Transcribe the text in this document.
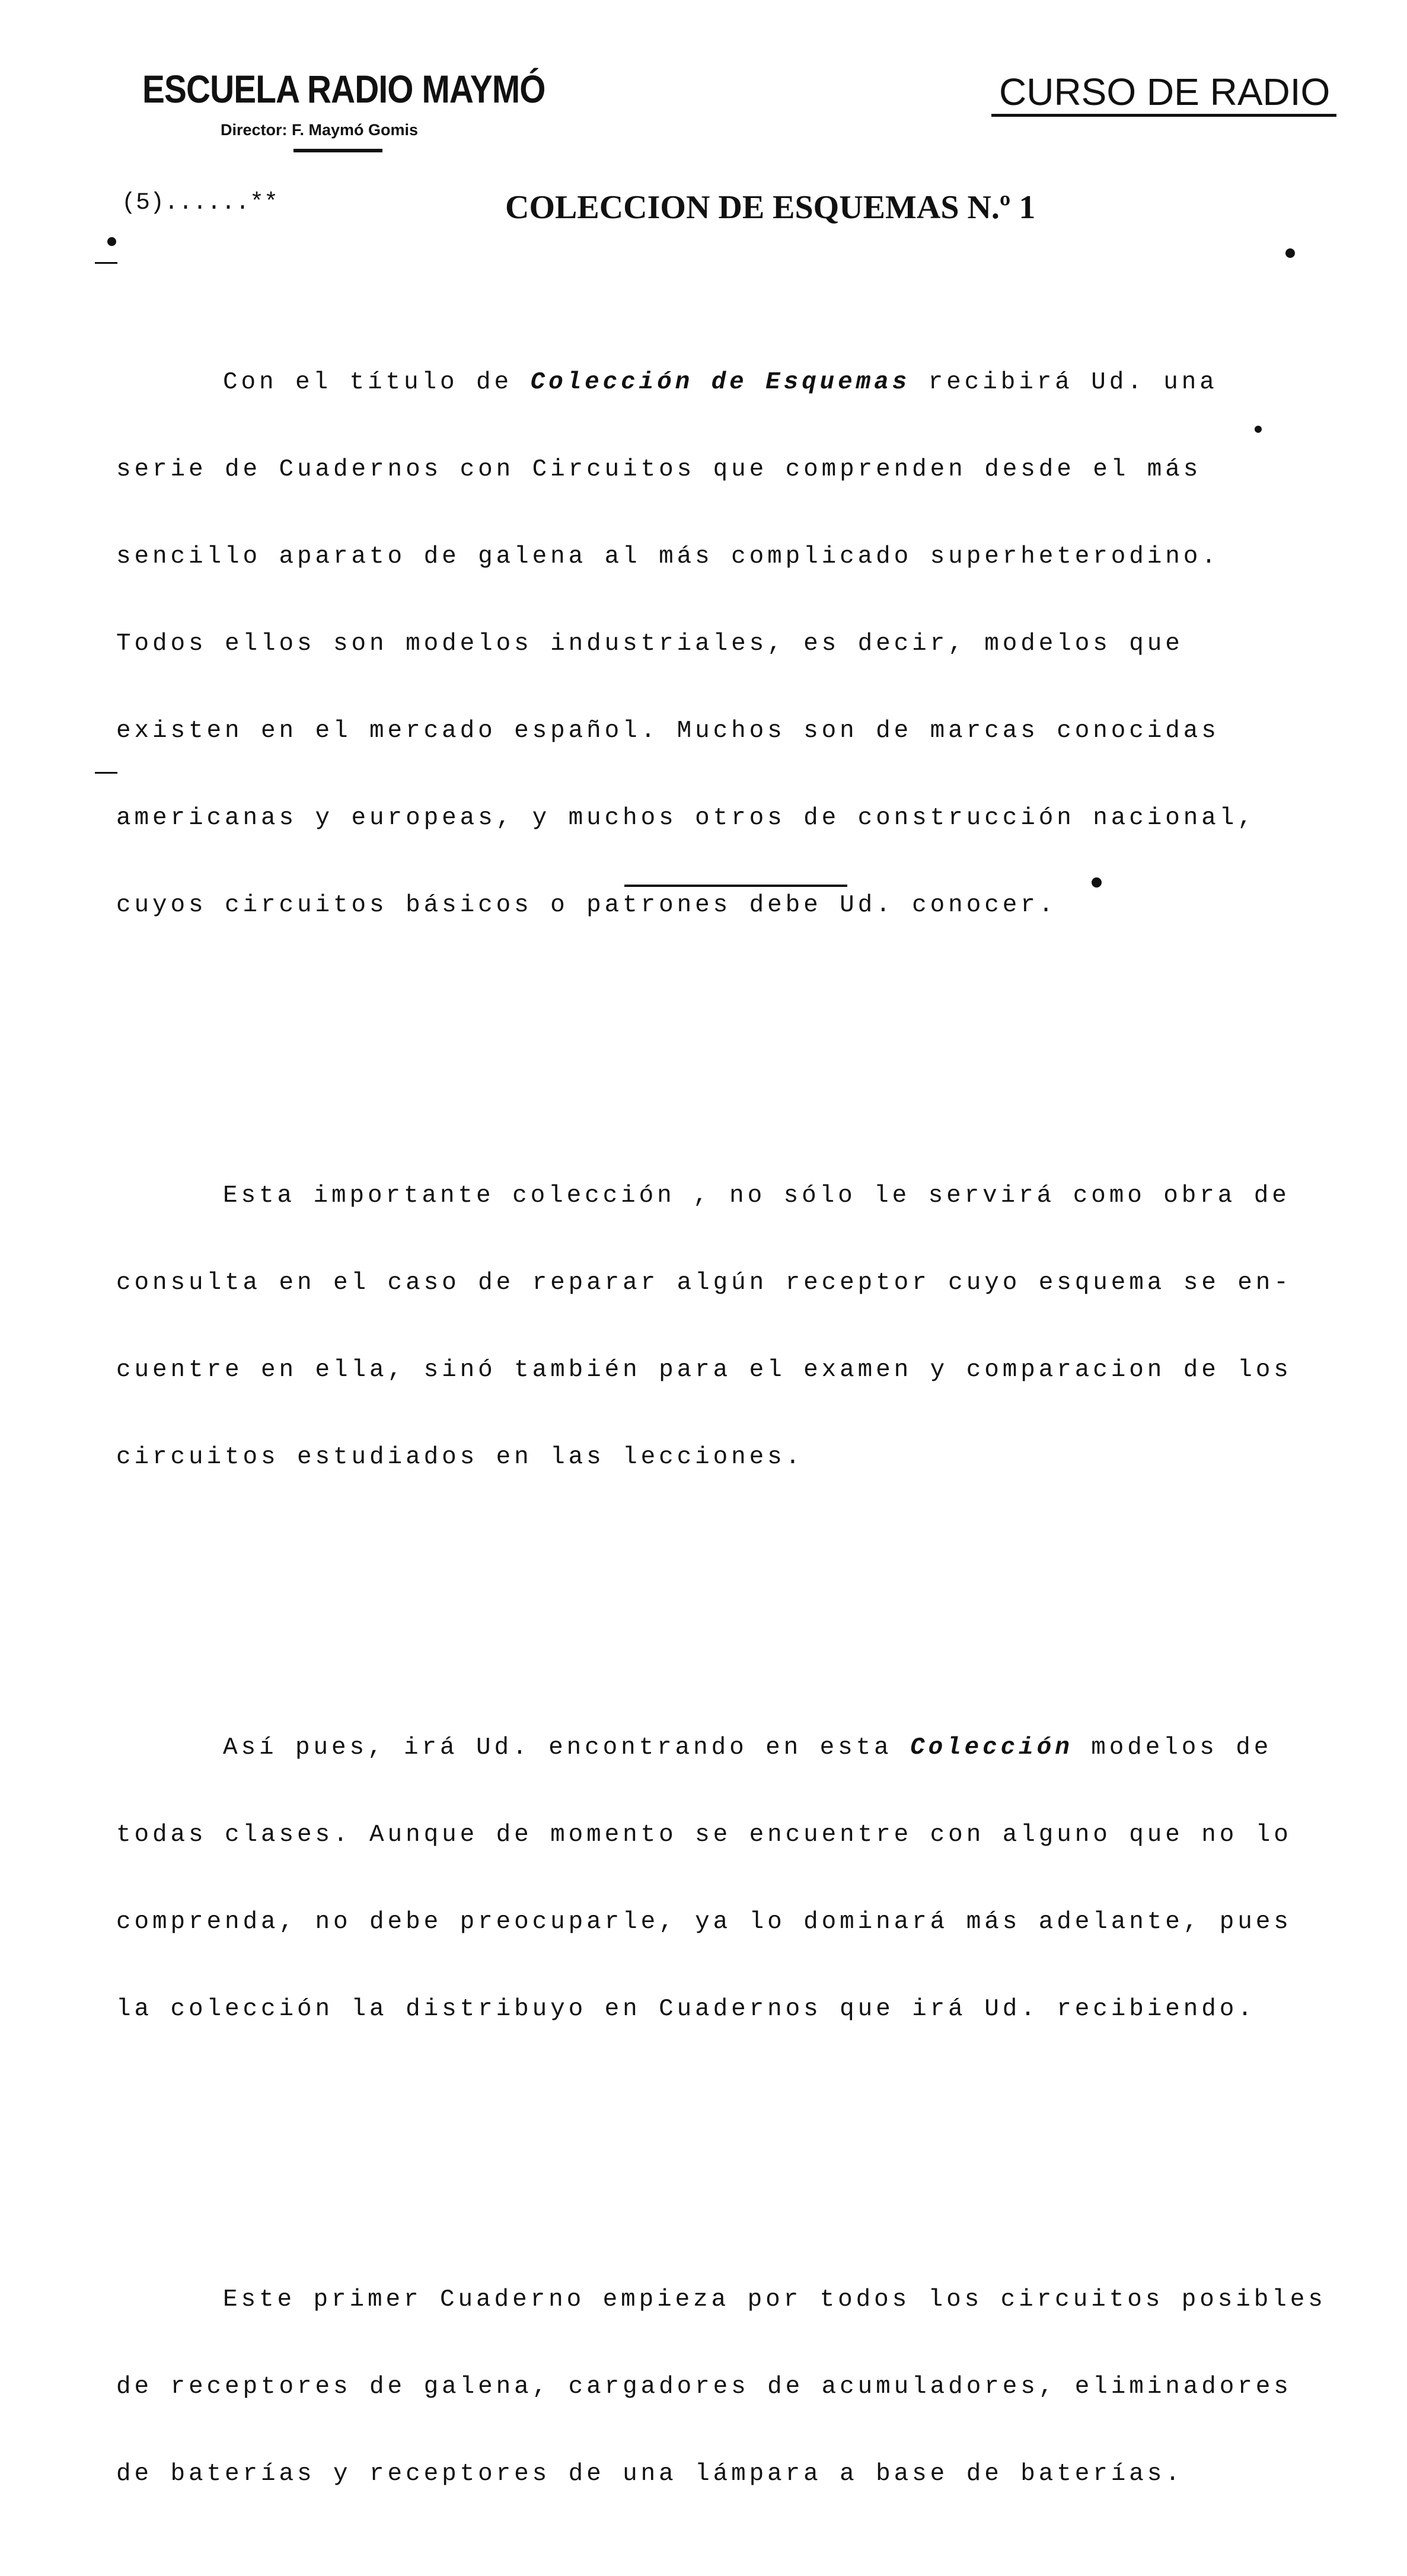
ESCUELA RADIO MAYMÓ
Director: F. Maymó Gomis
CURSO DE RADIO
(5)......**	COLECCION DE ESQUEMAS N.º 1

Con el título de Colección de Esquemas recibirá Ud. una

serie de Cuadernos con Circuitos que comprenden desde el más

sencillo aparato de galena al más complicado superheterodino.

Todos ellos son modelos industriales, es decir, modelos que

existen en el mercado español. Muchos son de marcas conocidas

americanas y europeas, y muchos otros de construcción nacional,

cuyos circuitos básicos o patrones debe Ud. conocer.

Esta importante colección , no sólo le servirá como obra de

consulta en el caso de reparar algún receptor cuyo esquema se en-

cuentre en ella, sinó también para el examen y comparacion de los

circuitos estudiados en las lecciones.

Así pues, irá Ud. encontrando en esta Colección modelos de

todas clases. Aunque de momento se encuentre con alguno que no lo

comprenda, no debe preocuparle, ya lo dominará más adelante, pues

la colección la distribuyo en Cuadernos que irá Ud. recibiendo.

Este primer Cuaderno empieza por todos los circuitos posibles

de receptores de galena, cargadores de acumuladores, eliminadores

de baterías y receptores de una lámpara a base de baterías.
